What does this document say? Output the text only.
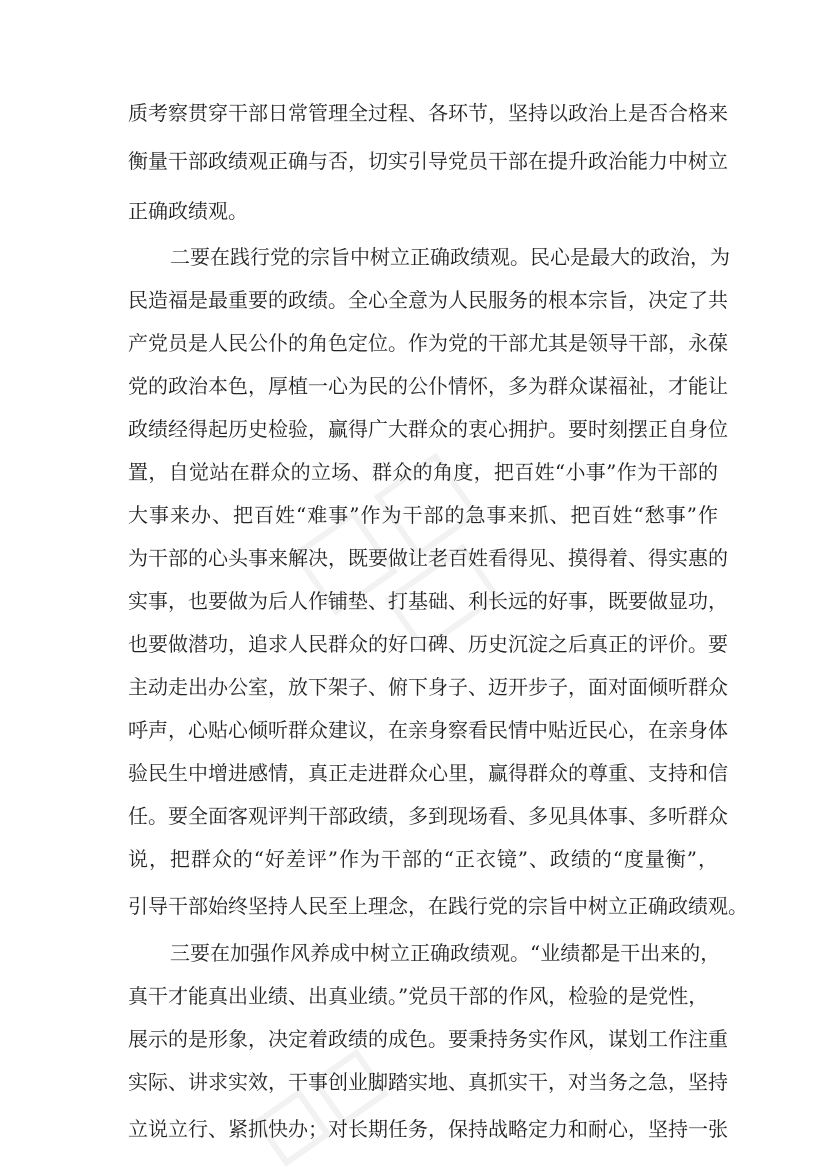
质考察贯穿干部日常管理全过程、各环节，坚持以政治上是否合格来
衡量干部政绩观正确与否，切实引导党员干部在提升政治能力中树立
正确政绩观。
二要在践行党的宗旨中树立正确政绩观。民心是最大的政治，为
民造福是最重要的政绩。全心全意为人民服务的根本宗旨，决定了共
产党员是人民公仆的角色定位。作为党的干部尤其是领导干部，永葆
党的政治本色，厚植一心为民的公仆情怀，多为群众谋福祉，才能让
政绩经得起历史检验，赢得广大群众的衷心拥护。要时刻摆正自身位
置，自觉站在群众的立场、群众的角度，把百姓“小事”作为干部的
大事来办、把百姓“难事”作为干部的急事来抓、把百姓“愁事”作
为干部的心头事来解决，既要做让老百姓看得见、摸得着、得实惠的
实事，也要做为后人作铺垫、打基础、利长远的好事，既要做显功，
也要做潜功，追求人民群众的好口碑、历史沉淀之后真正的评价。要
主动走出办公室，放下架子、俯下身子、迈开步子，面对面倾听群众
呼声，心贴心倾听群众建议，在亲身察看民情中贴近民心，在亲身体
验民生中增进感情，真正走进群众心里，赢得群众的尊重、支持和信
任。要全面客观评判干部政绩，多到现场看、多见具体事、多听群众
说，把群众的“好差评”作为干部的“正衣镜”、政绩的“度量衡”，
引导干部始终坚持人民至上理念，在践行党的宗旨中树立正确政绩观。
三要在加强作风养成中树立正确政绩观。“业绩都是干出来的，
真干才能真出业绩、出真业绩。”党员干部的作风，检验的是党性，
展示的是形象，决定着政绩的成色。要秉持务实作风，谋划工作注重
实际、讲求实效，干事创业脚踏实地、真抓实干，对当务之急，坚持
立说立行、紧抓快办；对长期任务，保持战略定力和耐心，坚持一张
